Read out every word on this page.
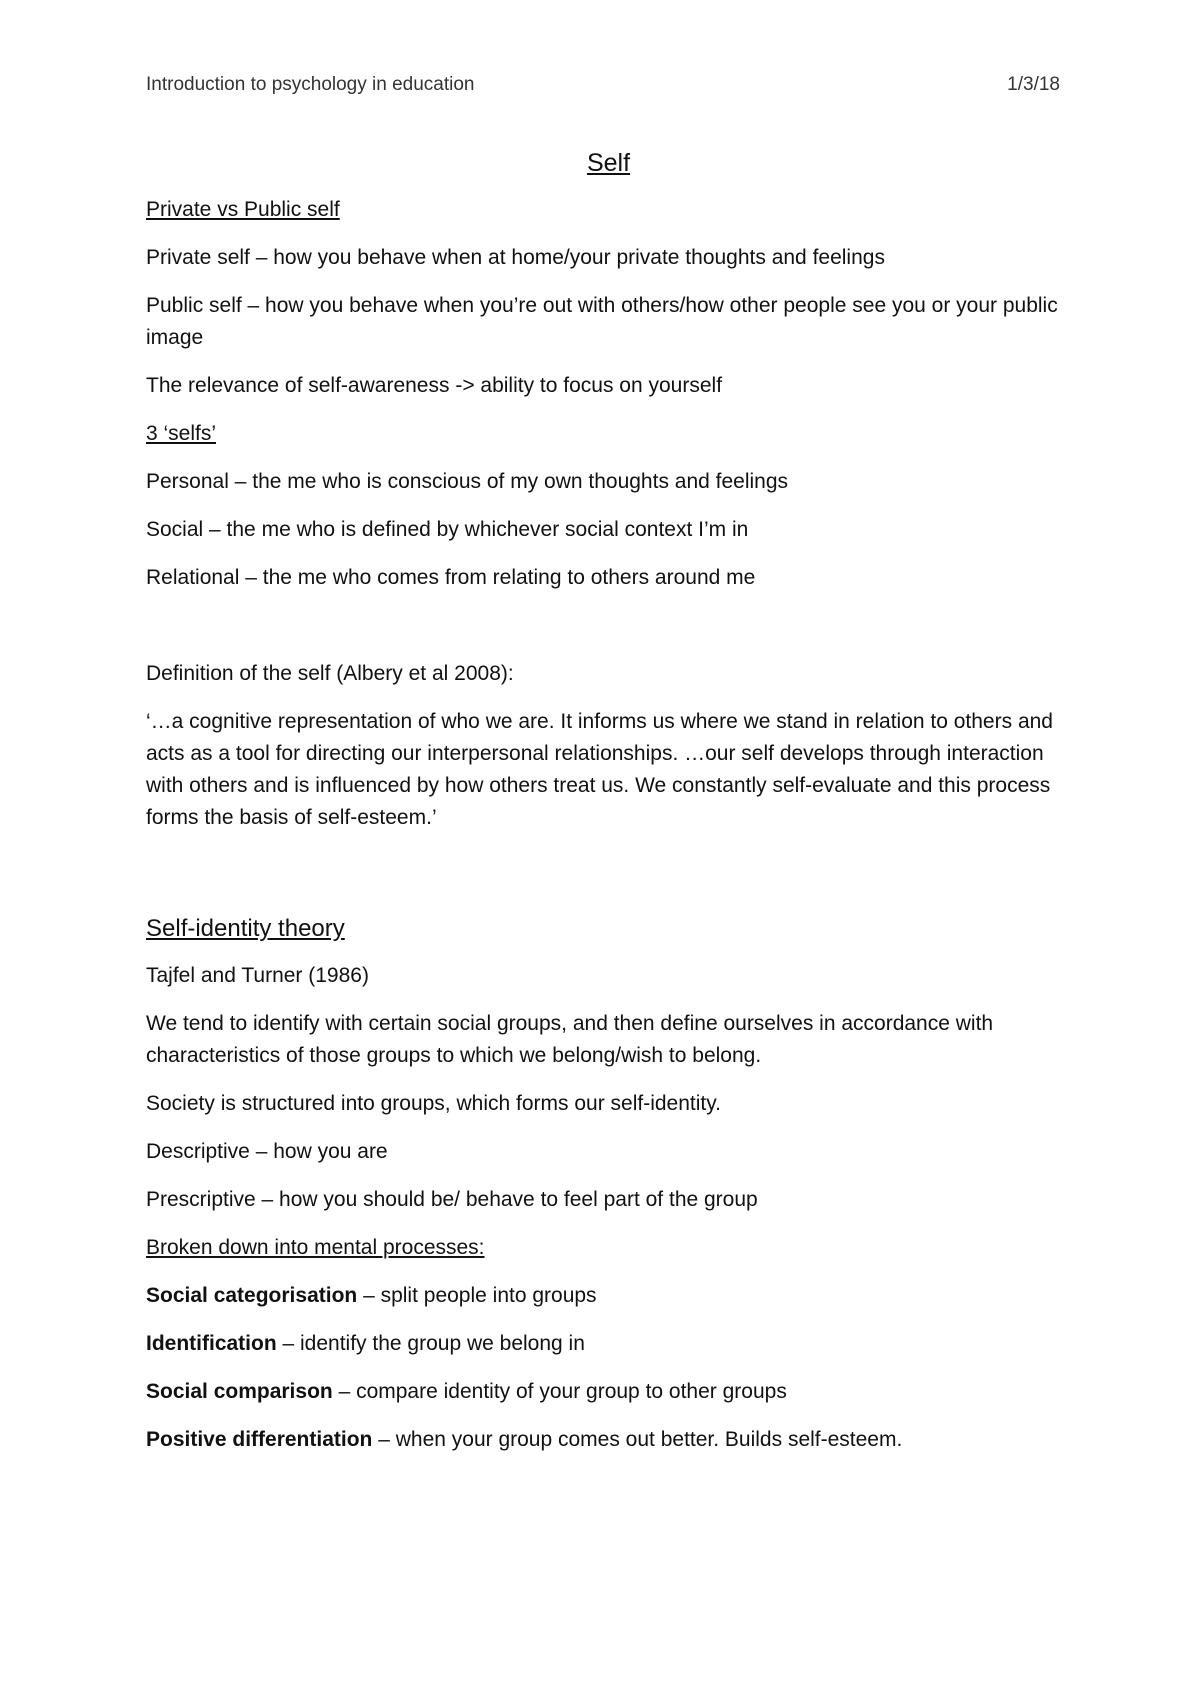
Introduction to psychology in education	1/3/18
Self

Private vs Public self

Private self – how you behave when at home/your private thoughts and feelings

Public self – how you behave when you’re out with others/how other people see you or your public image

The relevance of self-awareness -> ability to focus on yourself

3 ‘selfs’

Personal – the me who is conscious of my own thoughts and feelings

Social – the me who is defined by whichever social context I’m in

Relational – the me who comes from relating to others around me

Definition of the self (Albery et al 2008):

‘…a cognitive representation of who we are. It informs us where we stand in relation to others and acts as a tool for directing our interpersonal relationships. …our self develops through interaction with others and is influenced by how others treat us. We constantly self-evaluate and this process forms the basis of self-esteem.’

Self-identity theory

Tajfel and Turner (1986)

We tend to identify with certain social groups, and then define ourselves in accordance with characteristics of those groups to which we belong/wish to belong.

Society is structured into groups, which forms our self-identity.

Descriptive – how you are

Prescriptive – how you should be/ behave to feel part of the group

Broken down into mental processes:

Social categorisation – split people into groups

Identification – identify the group we belong in

Social comparison – compare identity of your group to other groups

Positive differentiation – when your group comes out better. Builds self-esteem.
